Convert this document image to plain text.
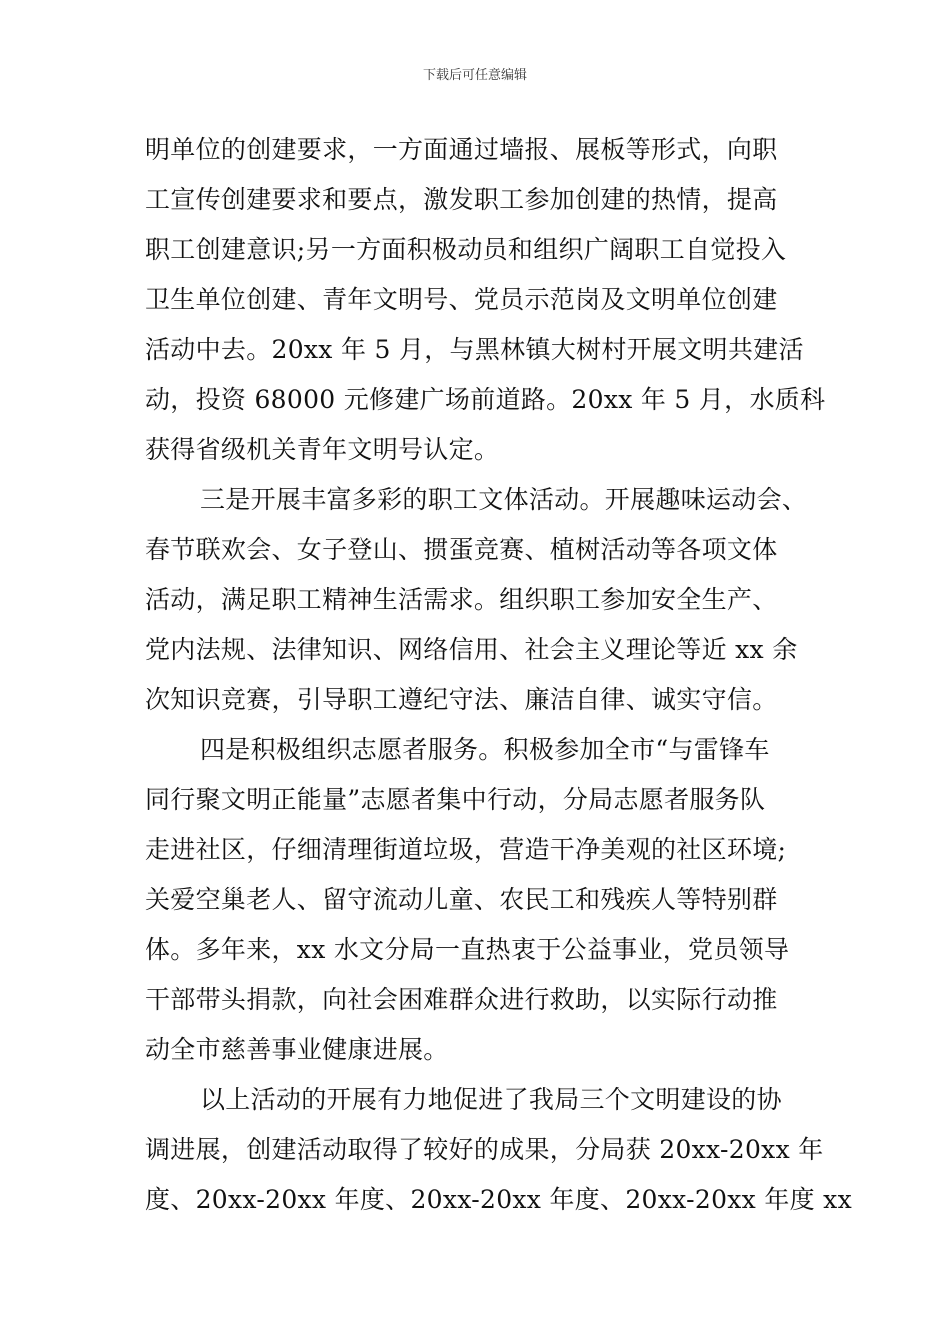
下载后可任意编辑
明单位的创建要求，一方面通过墙报、展板等形式，向职
工宣传创建要求和要点，激发职工参加创建的热情，提高
职工创建意识;另一方面积极动员和组织广阔职工自觉投入
卫生单位创建、青年文明号、党员示范岗及文明单位创建
活动中去。20xx 年 5 月，与黑林镇大树村开展文明共建活
动，投资 68000 元修建广场前道路。20xx 年 5 月，水质科
获得省级机关青年文明号认定。
三是开展丰富多彩的职工文体活动。开展趣味运动会、
春节联欢会、女子登山、掼蛋竞赛、植树活动等各项文体
活动，满足职工精神生活需求。组织职工参加安全生产、
党内法规、法律知识、网络信用、社会主义理论等近 xx 余
次知识竞赛，引导职工遵纪守法、廉洁自律、诚实守信。
四是积极组织志愿者服务。积极参加全市“与雷锋车
同行聚文明正能量”志愿者集中行动，分局志愿者服务队
走进社区，仔细清理街道垃圾，营造干净美观的社区环境;
关爱空巢老人、留守流动儿童、农民工和残疾人等特别群
体。多年来，xx 水文分局一直热衷于公益事业，党员领导
干部带头捐款，向社会困难群众进行救助，以实际行动推
动全市慈善事业健康进展。
以上活动的开展有力地促进了我局三个文明建设的协
调进展，创建活动取得了较好的成果，分局获 20xx-20xx 年
度、20xx-20xx 年度、20xx-20xx 年度、20xx-20xx 年度 xx
